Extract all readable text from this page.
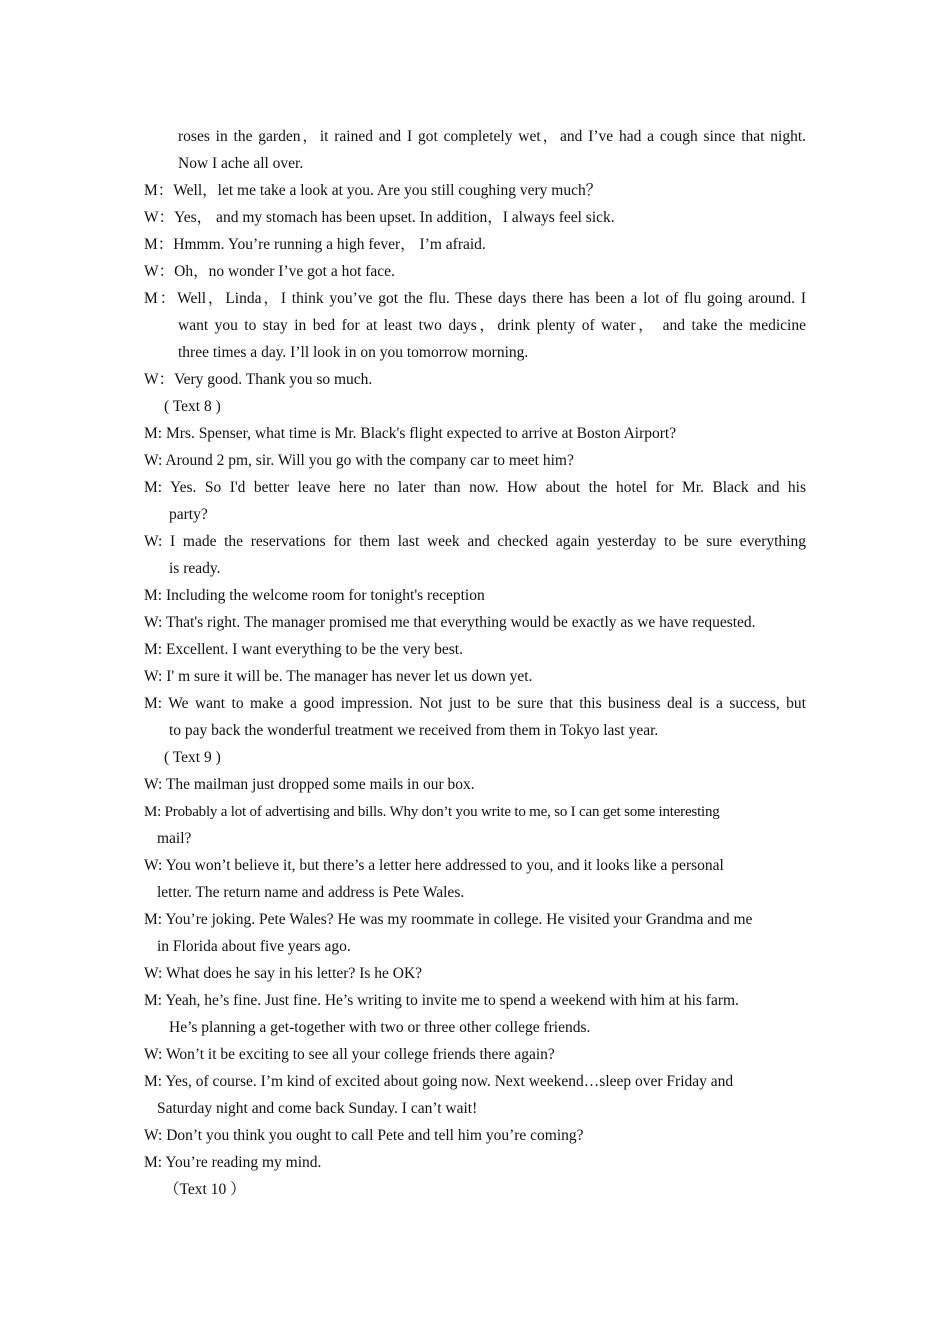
roses in the garden，it rained and I got completely wet，and I’ve had a cough since that night.
Now I ache all over.
M：Well，let me take a look at you. Are you still coughing very much？
W：Yes， and my stomach has been upset. In addition，I always feel sick.
M：Hmmm. You’re running a high fever， I’m afraid.
W：Oh，no wonder I’ve got a hot face.
M：Well，Linda，I think you’ve got the flu. These days there has been a lot of flu going around. I
want you to stay in bed for at least two days，drink plenty of water， and take the medicine
three times a day. I’ll look in on you tomorrow morning.
W：Very good. Thank you so much.
( Text 8 )
M: Mrs. Spenser, what time is Mr. Black's flight expected to arrive at Boston Airport?
W: Around 2 pm, sir. Will you go with the company car to meet him?
M: Yes. So I'd better leave here no later than now. How about the hotel for Mr. Black and his
party?
W: I made the reservations for them last week and checked again yesterday to be sure everything
is ready.
M: Including the welcome room for tonight's reception
W: That's right. The manager promised me that everything would be exactly as we have requested.
M: Excellent. I want everything to be the very best.
W: I' m sure it will be. The manager has never let us down yet.
M: We want to make a good impression. Not just to be sure that this business deal is a success, but
to pay back the wonderful treatment we received from them in Tokyo last year.
( Text 9 )
W: The mailman just dropped some mails in our box.
M: Probably a lot of advertising and bills. Why don’t you write to me, so I can get some interesting
mail?
W: You won’t believe it, but there’s a letter here addressed to you, and it looks like a personal
letter. The return name and address is Pete Wales.
M: You’re joking. Pete Wales? He was my roommate in college. He visited your Grandma and me
in Florida about five years ago.
W: What does he say in his letter? Is he OK?
M: Yeah, he’s fine. Just fine. He’s writing to invite me to spend a weekend with him at his farm.
He’s planning a get-together with two or three other college friends.
W: Won’t it be exciting to see all your college friends there again?
M: Yes, of course. I’m kind of excited about going now. Next weekend…sleep over Friday and
Saturday night and come back Sunday. I can’t wait!
W: Don’t you think you ought to call Pete and tell him you’re coming?
M: You’re reading my mind.
（Text 10 ）
